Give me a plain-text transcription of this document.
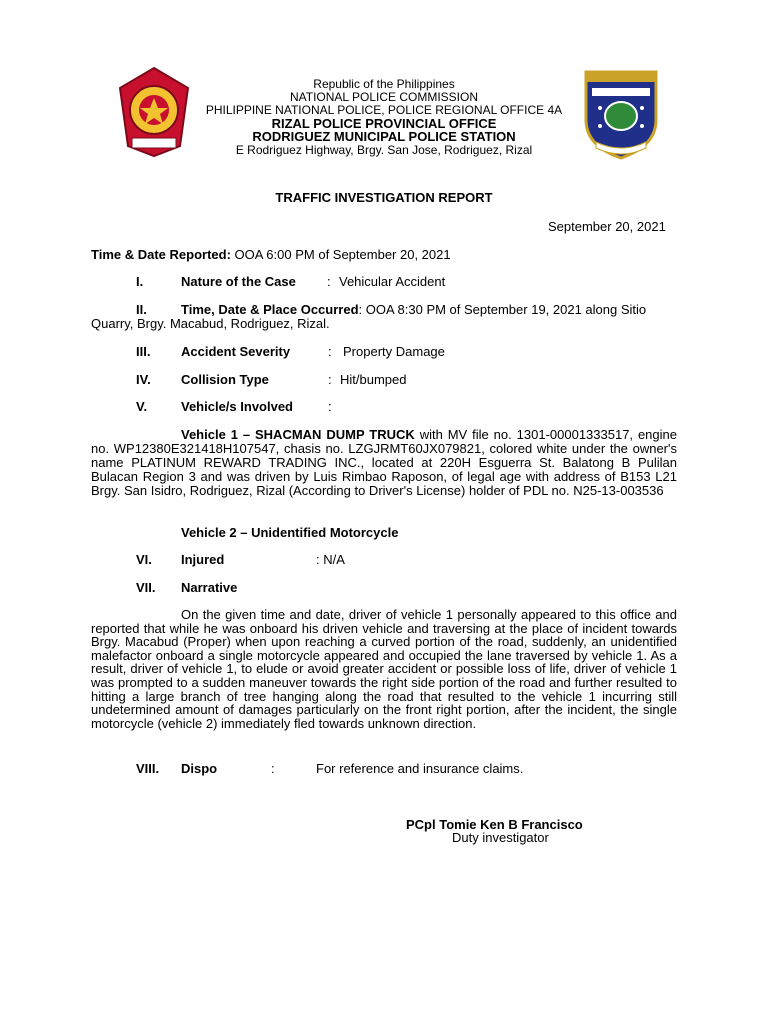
Republic of the Philippines
NATIONAL POLICE COMMISSION
PHILIPPINE NATIONAL POLICE, POLICE REGIONAL OFFICE 4A
RIZAL POLICE PROVINCIAL OFFICE
RODRIGUEZ MUNICIPAL POLICE STATION
E Rodriguez Highway, Brgy. San Jose, Rodriguez, Rizal
TRAFFIC INVESTIGATION REPORT
September 20, 2021
Time & Date Reported: OOA 6:00 PM of September 20, 2021
I.	Nature of the Case : Vehicular Accident
II.	Time, Date & Place Occurred: OOA 8:30 PM of September 19, 2021 along Sitio
Quarry, Brgy. Macabud, Rodriguez, Rizal.
III. Accident Severity	: Property Damage
IV. Collision Type	: Hit/bumped
V.	Vehicle/s Involved	:
Vehicle 1 – SHACMAN DUMP TRUCK with MV file no. 1301-00001333517, engine no. WP12380E321418H107547, chasis no. LZGJRMT60JX079821, colored white under the owner's name PLATINUM REWARD TRADING INC., located at 220H Esguerra St. Balatong B Pulilan Bulacan Region 3 and was driven by Luis Rimbao Raposon, of legal age with address of B153 L21 Brgy. San Isidro, Rodriguez, Rizal (According to Driver's License) holder of PDL no. N25-13-003536
Vehicle 2 – Unidentified Motorcycle
VI. Injured	: N/A
VII. Narrative
On the given time and date, driver of vehicle 1 personally appeared to this office and reported that while he was onboard his driven vehicle and traversing at the place of incident towards Brgy. Macabud (Proper) when upon reaching a curved portion of the road, suddenly, an unidentified malefactor onboard a single motorcycle appeared and occupied the lane traversed by vehicle 1. As a result, driver of vehicle 1, to elude or avoid greater accident or possible loss of life, driver of vehicle 1 was prompted to a sudden maneuver towards the right side portion of the road and further resulted to hitting a large branch of tree hanging along the road that resulted to the vehicle 1 incurring still undetermined amount of damages particularly on the front right portion, after the incident, the single motorcycle (vehicle 2) immediately fled towards unknown direction.
VIII. Dispo	:	For reference and insurance claims.
PCpl Tomie Ken B Francisco
Duty investigator
